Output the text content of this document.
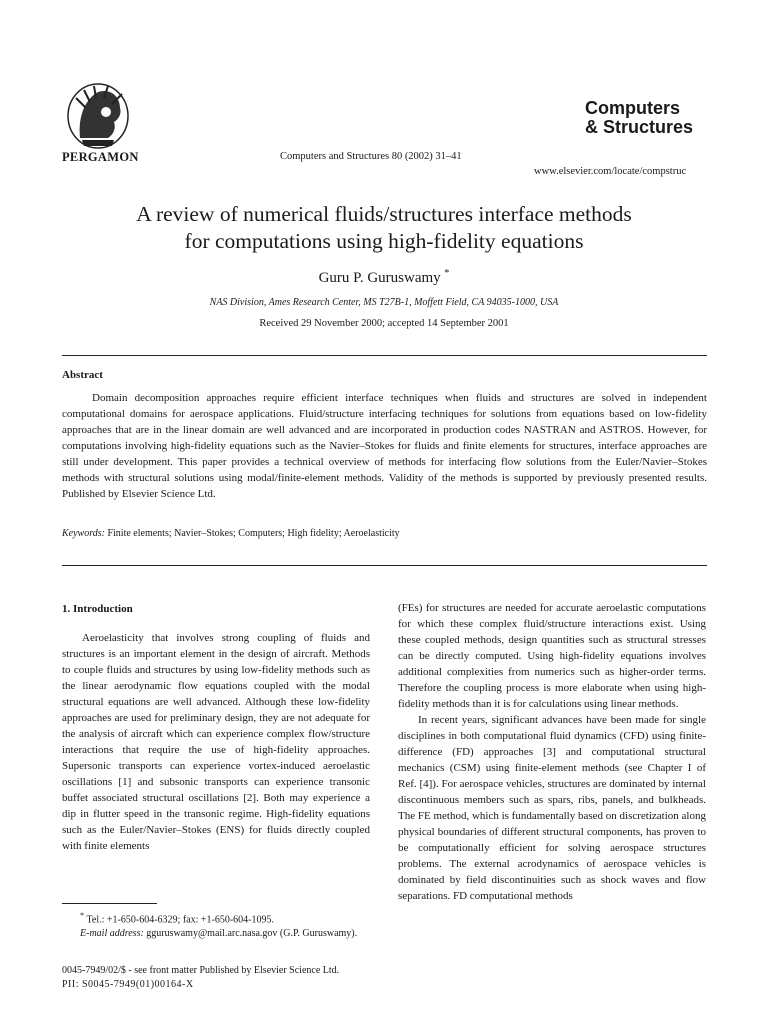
PERGAMON	Computers and Structures 80 (2002) 31–41
Computers
& Structures
www.elsevier.com/locate/compstruc
A review of numerical fluids/structures interface methods
for computations using high-fidelity equations
Guru P. Guruswamy *
NAS Division, Ames Research Center, MS T27B-1, Moffett Field, CA 94035-1000, USA
Received 29 November 2000; accepted 14 September 2001
Abstract
Domain decomposition approaches require efficient interface techniques when fluids and structures are solved in independent computational domains for aerospace applications. Fluid/structure interfacing techniques for solutions from equations based on low-fidelity approaches that are in the linear domain are well advanced and are incorporated in production codes NASTRAN and ASTROS. However, for computations involving high-fidelity equations such as the Navier–Stokes for fluids and finite elements for structures, interface approaches are still under development. This paper provides a technical overview of methods for interfacing flow solutions from the Euler/Navier–Stokes methods with structural solutions using modal/finite-element methods. Validity of the methods is supported by previously presented results. Published by Elsevier Science Ltd.
Keywords: Finite elements; Navier–Stokes; Computers; High fidelity; Aeroelasticity
1. Introduction
Aeroelasticity that involves strong coupling of fluids and structures is an important element in the design of aircraft. Methods to couple fluids and structures by using low-fidelity methods such as the linear aerodynamic flow equations coupled with the modal structural equations are well advanced. Although these low-fidelity approaches are used for preliminary design, they are not adequate for the analysis of aircraft which can experience complex flow/structure interactions that require the use of high-fidelity approaches. Supersonic transports can experience vortex-induced aeroelastic oscillations [1] and subsonic transports can experience transonic buffet associated structural oscillations [2]. Both may experience a dip in flutter speed in the transonic regime. High-fidelity equations such as the Euler/Navier–Stokes (ENS) for fluids directly coupled with finite elements

(FEs) for structures are needed for accurate aeroelastic computations for which these complex fluid/structure interactions exist. Using these coupled methods, design quantities such as structural stresses can be directly computed. Using high-fidelity equations involves additional complexities from numerics such as higher-order terms. Therefore the coupling process is more elaborate when using high-fidelity methods than it is for calculations using linear methods.

In recent years, significant advances have been made for single disciplines in both computational fluid dynamics (CFD) using finite-difference (FD) approaches [3] and computational structural mechanics (CSM) using finite-element methods (see Chapter I of Ref. [4]). For aerospace vehicles, structures are dominated by internal discontinuous members such as spars, ribs, panels, and bulkheads. The FE method, which is fundamentally based on discretization along physical boundaries of different structural components, has proven to be computationally efficient for solving aerospace structures problems. The external acrodynamics of aerospace vehicles is dominated by field discontinuities such as shock waves and flow separations. FD computational methods

* Tel.: +1-650-604-6329; fax: +1-650-604-1095.
E-mail address: gguruswamy@mail.arc.nasa.gov (G.P. Guruswamy).
0045-7949/02/$ - see front matter Published by Elsevier Science Ltd.
PII: S0045-7949(01)00164-X
